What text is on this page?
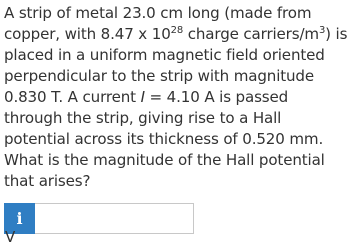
A strip of metal 23.0 cm long (made from copper, with 8.47 x $10^{28}$ charge carriers/$m^3$) is placed in a uniform magnetic field oriented perpendicular to the strip with magnitude 0.830 T. A current I = 4.10 A is passed through the strip, giving rise to a Hall potential across its thickness of 0.520 mm. What is the magnitude of the Hall potential that arises?

i
V
